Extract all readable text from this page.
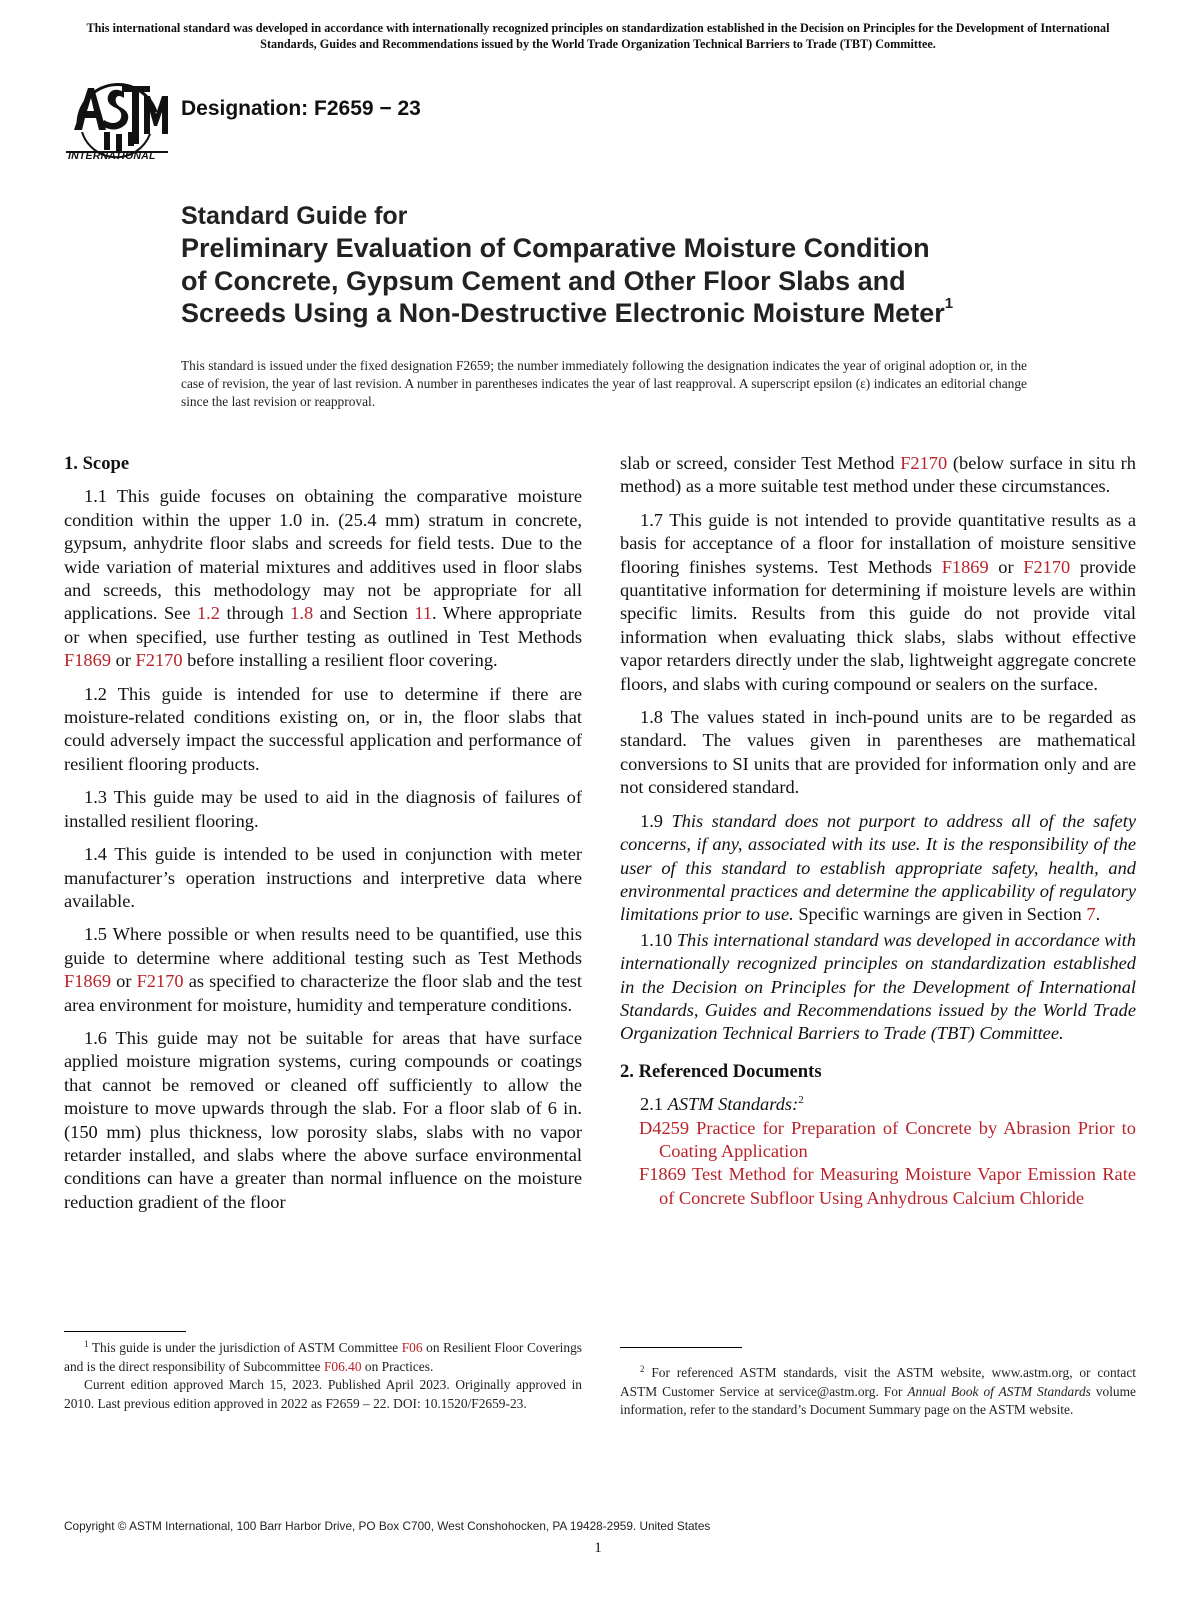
This international standard was developed in accordance with internationally recognized principles on standardization established in the Decision on Principles for the Development of International Standards, Guides and Recommendations issued by the World Trade Organization Technical Barriers to Trade (TBT) Committee.
INTERNATIONAL
Designation: F2659 − 23
Standard Guide for
Preliminary Evaluation of Comparative Moisture Condition
of Concrete, Gypsum Cement and Other Floor Slabs and
Screeds Using a Non-Destructive Electronic Moisture Meter$^1$
This standard is issued under the fixed designation F2659; the number immediately following the designation indicates the year of original adoption or, in the case of revision, the year of last revision. A number in parentheses indicates the year of last reapproval. A superscript epsilon (ε) indicates an editorial change since the last revision or reapproval.
1. Scope

1.1 This guide focuses on obtaining the comparative moisture condition within the upper 1.0 in. (25.4 mm) stratum in concrete, gypsum, anhydrite floor slabs and screeds for field tests. Due to the wide variation of material mixtures and additives used in floor slabs and screeds, this methodology may not be appropriate for all applications. See 1.2 through 1.8 and Section 11. Where appropriate or when specified, use further testing as outlined in Test Methods F1869 or F2170 before installing a resilient floor covering.

1.2 This guide is intended for use to determine if there are moisture-related conditions existing on, or in, the floor slabs that could adversely impact the successful application and performance of resilient flooring products.

1.3 This guide may be used to aid in the diagnosis of failures of installed resilient flooring.

1.4 This guide is intended to be used in conjunction with meter manufacturer’s operation instructions and interpretive data where available.

1.5 Where possible or when results need to be quantified, use this guide to determine where additional testing such as Test Methods F1869 or F2170 as specified to characterize the floor slab and the test area environment for moisture, humidity and temperature conditions.

1.6 This guide may not be suitable for areas that have surface applied moisture migration systems, curing compounds or coatings that cannot be removed or cleaned off sufficiently to allow the moisture to move upwards through the slab. For a floor slab of 6 in. (150 mm) plus thickness, low porosity slabs, slabs with no vapor retarder installed, and slabs where the above surface environmental conditions can have a greater than normal influence on the moisture reduction gradient of the floor

slab or screed, consider Test Method F2170 (below surface in situ rh method) as a more suitable test method under these circumstances.

1.7 This guide is not intended to provide quantitative results as a basis for acceptance of a floor for installation of moisture sensitive flooring finishes systems. Test Methods F1869 or F2170 provide quantitative information for determining if moisture levels are within specific limits. Results from this guide do not provide vital information when evaluating thick slabs, slabs without effective vapor retarders directly under the slab, lightweight aggregate concrete floors, and slabs with curing compound or sealers on the surface.

1.8 The values stated in inch-pound units are to be regarded as standard. The values given in parentheses are mathematical conversions to SI units that are provided for information only and are not considered standard.

1.9 This standard does not purport to address all of the safety concerns, if any, associated with its use. It is the responsibility of the user of this standard to establish appropriate safety, health, and environmental practices and determine the applicability of regulatory limitations prior to use. Specific warnings are given in Section 7.

1.10 This international standard was developed in accordance with internationally recognized principles on standardization established in the Decision on Principles for the Development of International Standards, Guides and Recommendations issued by the World Trade Organization Technical Barriers to Trade (TBT) Committee.

2. Referenced Documents

2.1 ASTM Standards:$^2$

D4259 Practice for Preparation of Concrete by Abrasion Prior to Coating Application

F1869 Test Method for Measuring Moisture Vapor Emission Rate of Concrete Subfloor Using Anhydrous Calcium Chloride

$^1$ This guide is under the jurisdiction of ASTM Committee F06 on Resilient Floor Coverings and is the direct responsibility of Subcommittee F06.40 on Practices.

Current edition approved March 15, 2023. Published April 2023. Originally approved in 2010. Last previous edition approved in 2022 as F2659 – 22. DOI: 10.1520/F2659-23.

$^2$ For referenced ASTM standards, visit the ASTM website, www.astm.org, or contact ASTM Customer Service at service@astm.org. For Annual Book of ASTM Standards volume information, refer to the standard’s Document Summary page on the ASTM website.

Copyright © ASTM International, 100 Barr Harbor Drive, PO Box C700, West Conshohocken, PA 19428-2959. United States
1
